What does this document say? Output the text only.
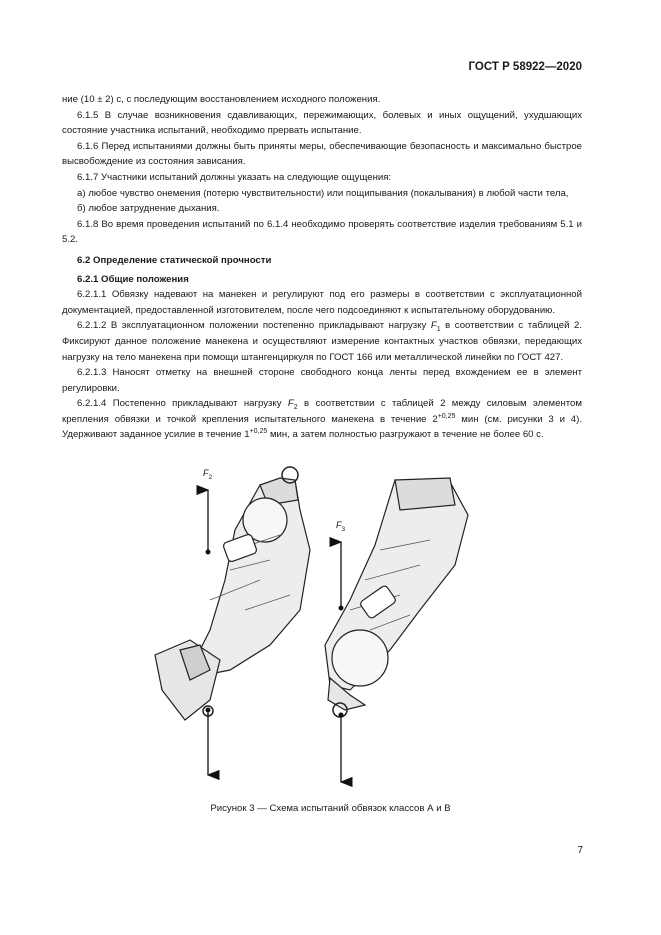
ГОСТ Р 58922—2020

ние (10 ± 2) с, с последующим восстановлением исходного положения.

6.1.5 В случае возникновения сдавливающих, пережимающих, болевых и иных ощущений, ухудшающих состояние участника испытаний, необходимо прервать испытание.

6.1.6 Перед испытаниями должны быть приняты меры, обеспечивающие безопасность и максимально быстрое высвобождение из состояния зависания.

6.1.7 Участники испытаний должны указать на следующие ощущения:

а) любое чувство онемения (потерю чувствительности) или пощипывания (покалывания) в любой части тела,

б) любое затруднение дыхания.

6.1.8 Во время проведения испытаний по 6.1.4 необходимо проверять соответствие изделия требованиям 5.1 и 5.2.

6.2 Определение статической прочности

6.2.1 Общие положения

6.2.1.1 Обвязку надевают на манекен и регулируют под его размеры в соответствии с эксплуатационной документацией, предоставленной изготовителем, после чего подсоединяют к испытательному оборудованию.

6.2.1.2 В эксплуатационном положении постепенно прикладывают нагрузку $F_1$ в соответствии с таблицей 2. Фиксируют данное положение манекена и осуществляют измерение контактных участков обвязки, передающих нагрузку на тело манекена при помощи штангенциркуля по ГОСТ 166 или металлической линейки по ГОСТ 427.

6.2.1.3 Наносят отметку на внешней стороне свободного конца ленты перед вхождением ее в элемент регулировки.

6.2.1.4 Постепенно прикладывают нагрузку $F_2$ в соответствии с таблицей 2 между силовым элементом крепления обвязки и точкой крепления испытательного манекена в течение $2^{+0,25}$ мин (см. рисунки 3 и 4). Удерживают заданное усилие в течение $1^{+0,25}$ мин, а затем полностью разгружают в течение не более 60 с.

$F_2$
$F_3$
Рисунок 3 — Схема испытаний обвязок классов А и В
7
